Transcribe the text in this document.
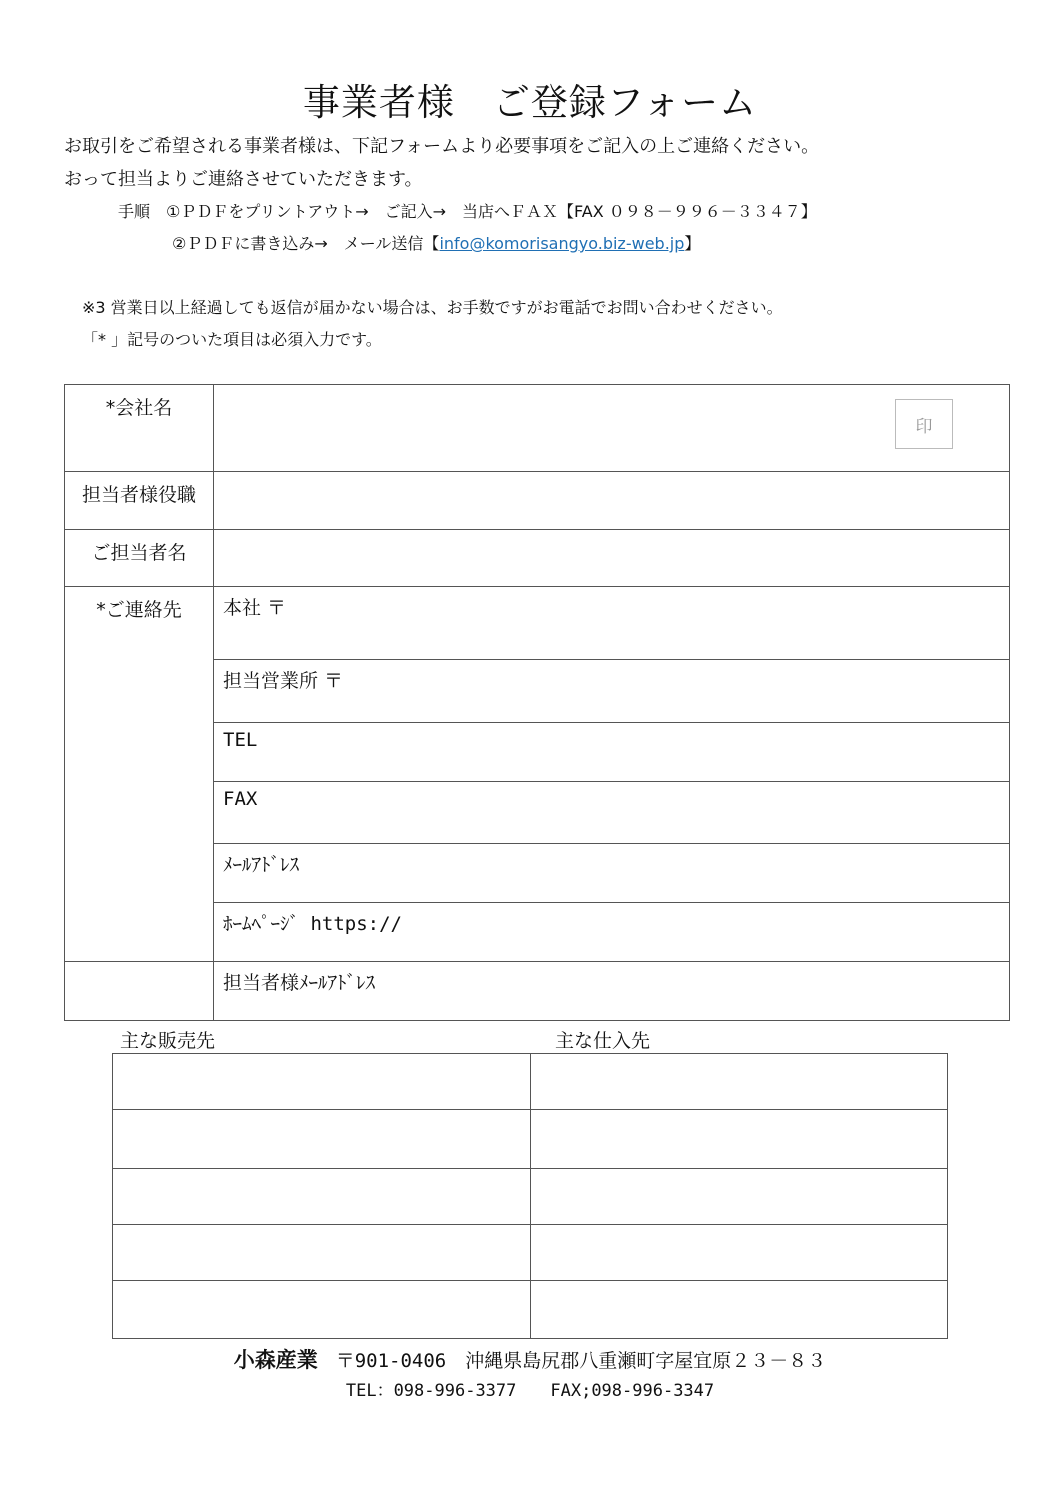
事業者様　ご登録フォーム
お取引をご希望される事業者様は、下記フォームより必要事項をご記入の上ご連絡ください。
おって担当よりご連絡させていただきます。
手順　①ＰＤＦをプリントアウト→　ご記入→　当店へＦＡＸ【FAX ０９８－９９６－３３４７】
②ＰＤＦに書き込み→　メール送信【info@komorisangyo.biz-web.jp】
※3 営業日以上経過しても返信が届かない場合は、お手数ですがお電話でお問い合わせください。
「* 」記号のついた項目は必須入力です。
*会社名	印

担当者様役職	
ご担当者名	
*ご連絡先	本社 〒
	担当営業所 〒
	TEL
	FAX
	ﾒｰﾙｱﾄﾞﾚｽ
	ﾎｰﾑﾍﾟｰｼﾞ https://
	担当者様ﾒｰﾙｱﾄﾞﾚｽ
主な販売先	主な仕入先

小森産業 〒901-0406　沖縄県島尻郡八重瀬町字屋宜原２３－８３
TEL：098-996-3377　　FAX;098-996-3347
